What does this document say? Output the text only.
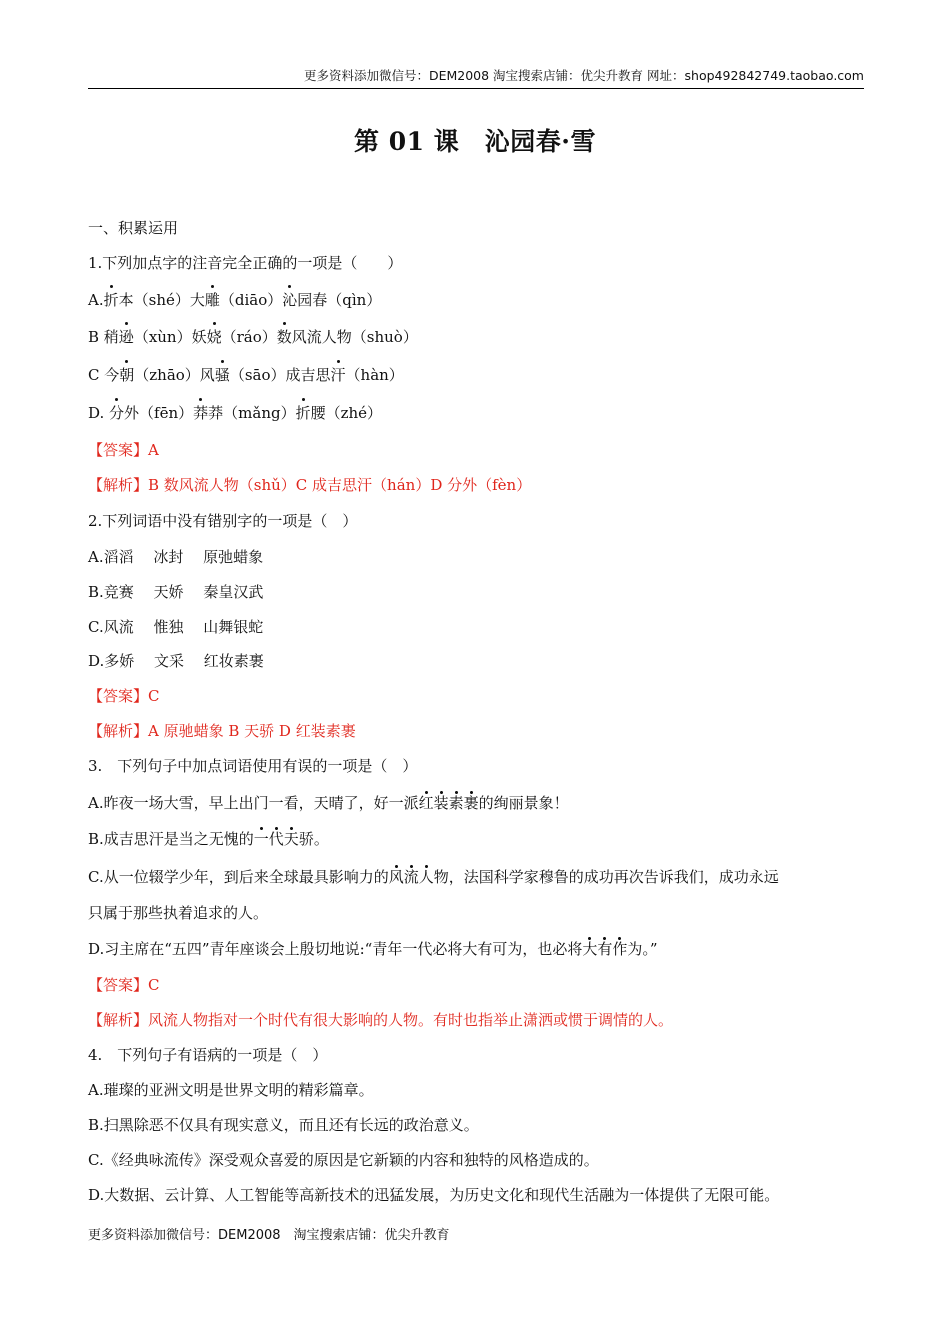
更多资料添加微信号：DEM2008 淘宝搜索店铺：优尖升教育 网址：shop492842749.taobao.com
第 01 课　沁园春·雪
一、积累运用
1.下列加点字的注音完全正确的一项是（　　）
A.折本（shé）大雕（diāo）沁园春（qìn）
B 稍逊（xùn）妖娆（ráo）数风流人物（shuò）
C 今朝（zhāo）风骚（sāo）成吉思汗（hàn）
D. 分外（fēn）莽莽（mǎng）折腰（zhé）
【答案】A
【解析】B 数风流人物（shǔ）C 成吉思汗（hán）D 分外（fèn）
2.下列词语中没有错别字的一项是（　）
A.滔滔　 冰封　 原弛蜡象
B.竞赛　 天娇　 秦皇汉武
C.风流　 惟独　 山舞银蛇
D.多娇　 文采　 红妆素裹
【答案】C
【解析】A 原驰蜡象 B 天骄 D 红装素裹
3.　下列句子中加点词语使用有误的一项是（　）
A.昨夜一场大雪，早上出门一看，天晴了，好一派红装素裹的绚丽景象！
B.成吉思汗是当之无愧的一代天骄。
C.从一位辍学少年，到后来全球最具影响力的风流人物，法国科学家穆鲁的成功再次告诉我们，成功永远
只属于那些执着追求的人。
D.习主席在“五四”青年座谈会上殷切地说:“青年一代必将大有可为，也必将大有作为。”
【答案】C
【解析】风流人物指对一个时代有很大影响的人物。有时也指举止潇洒或惯于调情的人。
4.　下列句子有语病的一项是（　）
A.璀璨的亚洲文明是世界文明的精彩篇章。
B.扫黑除恶不仅具有现实意义，而且还有长远的政治意义。
C.《经典咏流传》深受观众喜爱的原因是它新颖的内容和独特的风格造成的。
D.大数据、云计算、人工智能等高新技术的迅猛发展，为历史文化和现代生活融为一体提供了无限可能。
更多资料添加微信号：DEM2008　淘宝搜索店铺：优尖升教育
